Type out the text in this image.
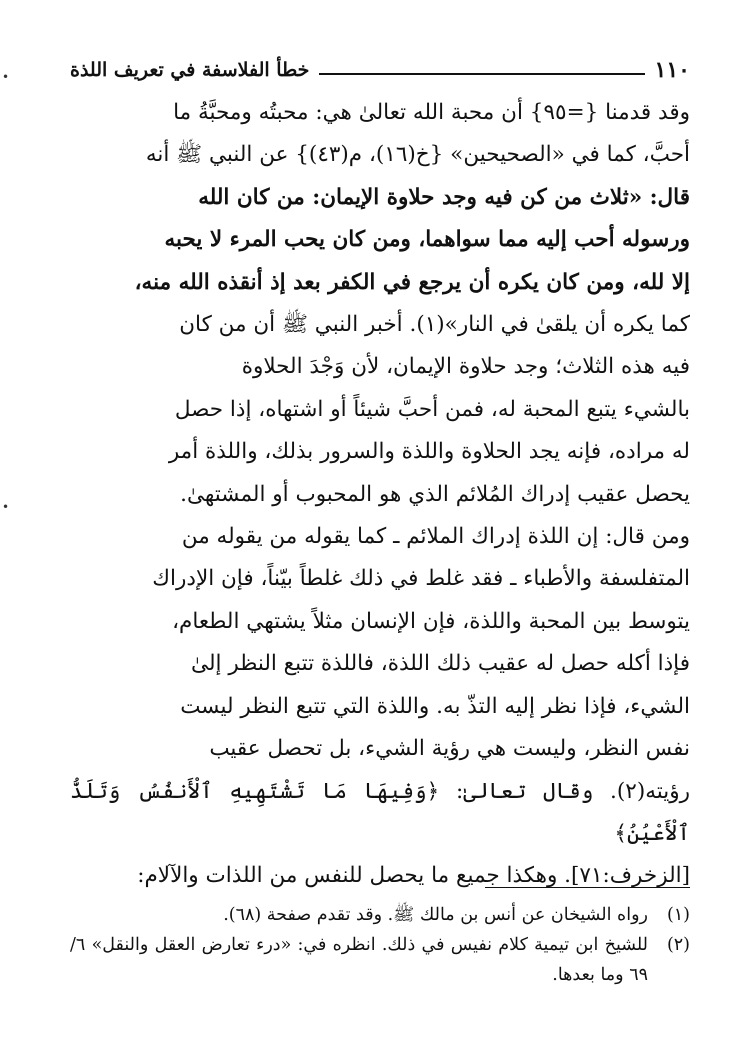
١١٠
خطأ الفلاسفة في تعريف اللذة

وقد قدمنا {=٩٥} أن محبة الله تعالىٰ هي: محبتُه ومحبَّةُ ما

أحبَّ، كما في «الصحيحين» {خ(١٦)، م(٤٣)} عن النبي ﷺ أنه

قال: «ثلاث من كن فيه وجد حلاوة الإيمان: من كان الله

ورسوله أحب إليه مما سواهما، ومن كان يحب المرء لا يحبه

إلا لله، ومن كان يكره أن يرجع في الكفر بعد إذ أنقذه الله منه،

كما يكره أن يلقىٰ في النار»(١). أخبر النبي ﷺ أن من كان

فيه هذه الثلاث؛ وجد حلاوة الإيمان، لأن وَجْدَ الحلاوة

بالشيء يتبع المحبة له، فمن أحبَّ شيئاً أو اشتهاه، إذا حصل

له مراده، فإنه يجد الحلاوة واللذة والسرور بذلك، واللذة أمر

يحصل عقيب إدراك المُلائم الذي هو المحبوب أو المشتهىٰ.

ومن قال: إن اللذة إدراك الملائم ـ كما يقوله من يقوله من

المتفلسفة والأطباء ـ فقد غلط في ذلك غلطاً بيّناً، فإن الإدراك

يتوسط بين المحبة واللذة، فإن الإنسان مثلاً يشتهي الطعام،

فإذا أكله حصل له عقيب ذلك اللذة، فاللذة تتبع النظر إلىٰ

الشيء، فإذا نظر إليه التذّ به. واللذة التي تتبع النظر ليست

نفس النظر، وليست هي رؤية الشيء، بل تحصل عقيب

رؤيته(٢). وقال تعالىٰ: ﴿وَفِيهَا مَا تَشْتَهِيهِ ٱلْأَنفُسُ وَتَلَذُّ ٱلْأَعْيُنُ﴾

[الزخرف:٧١]. وهكذا جميع ما يحصل للنفس من اللذات والآلام:

(١)
رواه الشيخان عن أنس بن مالك ﷺ. وقد تقدم صفحة (٦٨).
(٢)
للشيخ ابن تيمية كلام نفيس في ذلك. انظره في: «درء تعارض العقل والنقل» ٦/ ٦٩ وما بعدها.
•
•
